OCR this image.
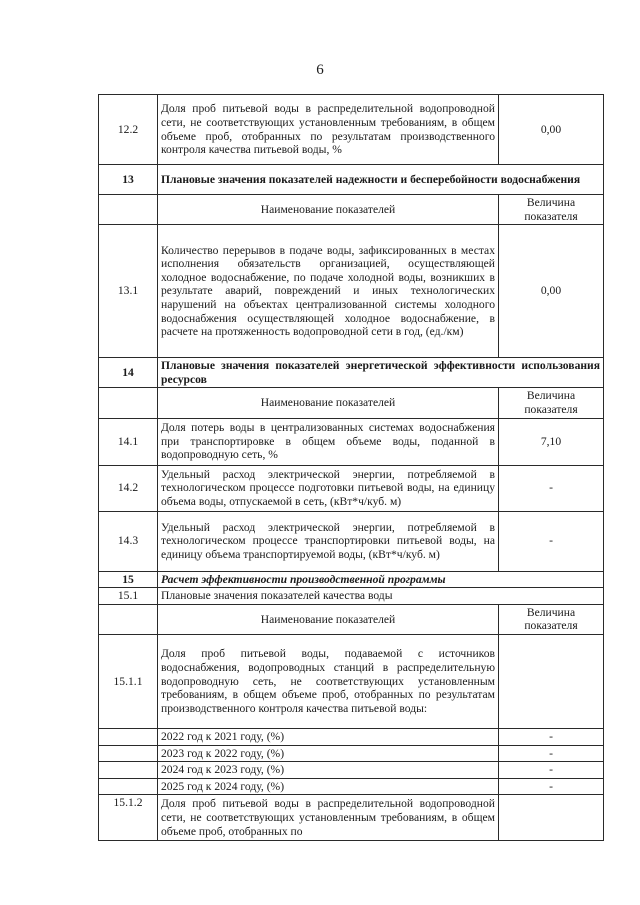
6
12.2	Доля проб питьевой воды в распределительной водопроводной сети, не соответствующих установленным требованиям, в общем объеме проб, отобранных по результатам производственного контроля качества питьевой воды, %	0,00
13	Плановые значения показателей надежности и бесперебойности водоснабжения	
	Наименование показателей	Величина показателя
13.1	Количество перерывов в подаче воды, зафиксированных в местах исполнения обязательств организацией, осуществляющей холодное водоснабжение, по подаче холодной воды, возникших в результате аварий, повреждений и иных технологических нарушений на объектах централизованной системы холодного водоснабжения осуществляющей холодное водоснабжение, в расчете на протяженность водопроводной сети в год, (ед./км)	0,00
14	Плановые значения показателей энергетической эффективности использования ресурсов	
	Наименование показателей	Величина показателя
14.1	Доля потерь воды в централизованных системах водоснабжения при транспортировке в общем объеме воды, поданной в водопроводную сеть, %	7,10
14.2	Удельный расход электрической энергии, потребляемой в технологическом процессе подготовки питьевой воды, на единицу объема воды, отпускаемой в сеть, (кВт*ч/куб. м)	-
14.3	Удельный расход электрической энергии, потребляемой в технологическом процессе транспортировки питьевой воды, на единицу объема транспортируемой воды, (кВт*ч/куб. м)	-
15	Расчет эффективности производственной программы	
15.1	Плановые значения показателей качества воды	
	Наименование показателей	Величина показателя
15.1.1	Доля проб питьевой воды, подаваемой с источников водоснабжения, водопроводных станций в распределительную водопроводную сеть, не соответствующих установленным требованиям, в общем объеме проб, отобранных по результатам производственного контроля качества питьевой воды:	
	2022 год к 2021 году, (%)	-
	2023 год к 2022 году, (%)	-
	2024 год к 2023 году, (%)	-
	2025 год к 2024 году, (%)	-
15.1.2	Доля проб питьевой воды в распределительной водопроводной сети, не соответствующих установленным требованиям, в общем объеме проб, отобранных по	
